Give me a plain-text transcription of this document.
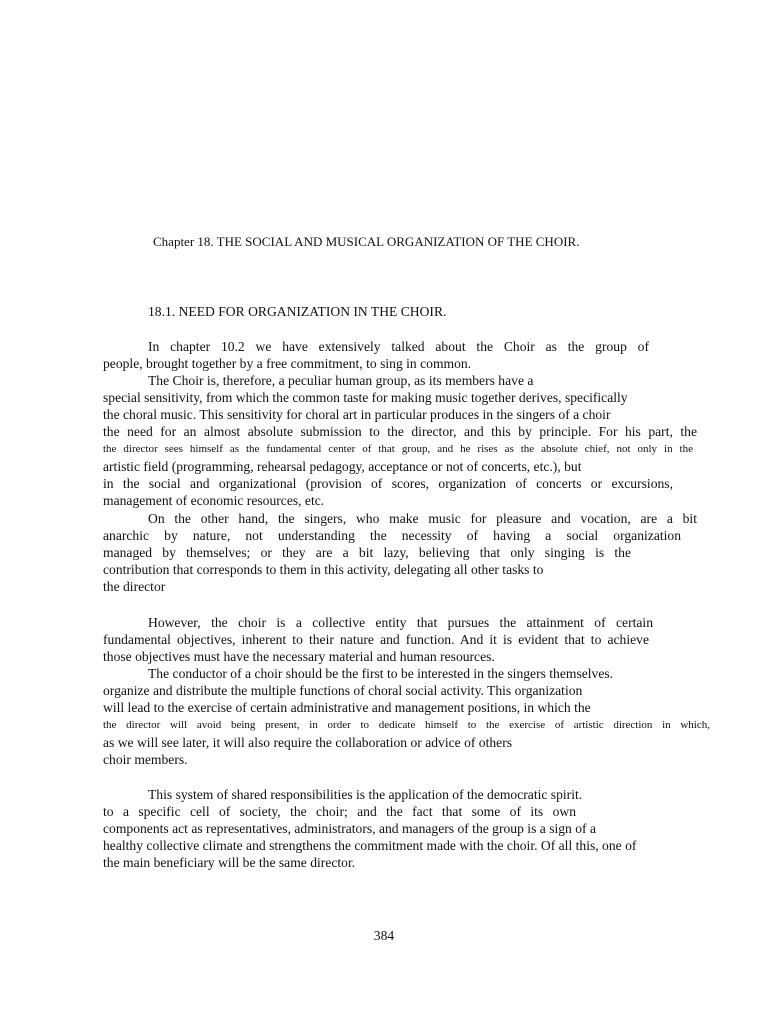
Chapter 18. THE SOCIAL AND MUSICAL ORGANIZATION OF THE CHOIR.
18.1. NEED FOR ORGANIZATION IN THE CHOIR.
In chapter 10.2 we have extensively talked about the Choir as the group of
people, brought together by a free commitment, to sing in common.
The Choir is, therefore, a peculiar human group, as its members have a
special sensitivity, from which the common taste for making music together derives, specifically
the choral music. This sensitivity for choral art in particular produces in the singers of a choir
the need for an almost absolute submission to the director, and this by principle. For his part, the
the director sees himself as the fundamental center of that group, and he rises as the absolute chief, not only in the
artistic field (programming, rehearsal pedagogy, acceptance or not of concerts, etc.), but
in the social and organizational (provision of scores, organization of concerts or excursions,
management of economic resources, etc.
On the other hand, the singers, who make music for pleasure and vocation, are a bit
anarchic by nature, not understanding the necessity of having a social organization
managed by themselves; or they are a bit lazy, believing that only singing is the
contribution that corresponds to them in this activity, delegating all other tasks to
the director
However, the choir is a collective entity that pursues the attainment of certain
fundamental objectives, inherent to their nature and function. And it is evident that to achieve
those objectives must have the necessary material and human resources.
The conductor of a choir should be the first to be interested in the singers themselves.
organize and distribute the multiple functions of choral social activity. This organization
will lead to the exercise of certain administrative and management positions, in which the
the director will avoid being present, in order to dedicate himself to the exercise of artistic direction in which,
as we will see later, it will also require the collaboration or advice of others
choir members.
This system of shared responsibilities is the application of the democratic spirit.
to a specific cell of society, the choir; and the fact that some of its own
components act as representatives, administrators, and managers of the group is a sign of a
healthy collective climate and strengthens the commitment made with the choir. Of all this, one of
the main beneficiary will be the same director.
384
